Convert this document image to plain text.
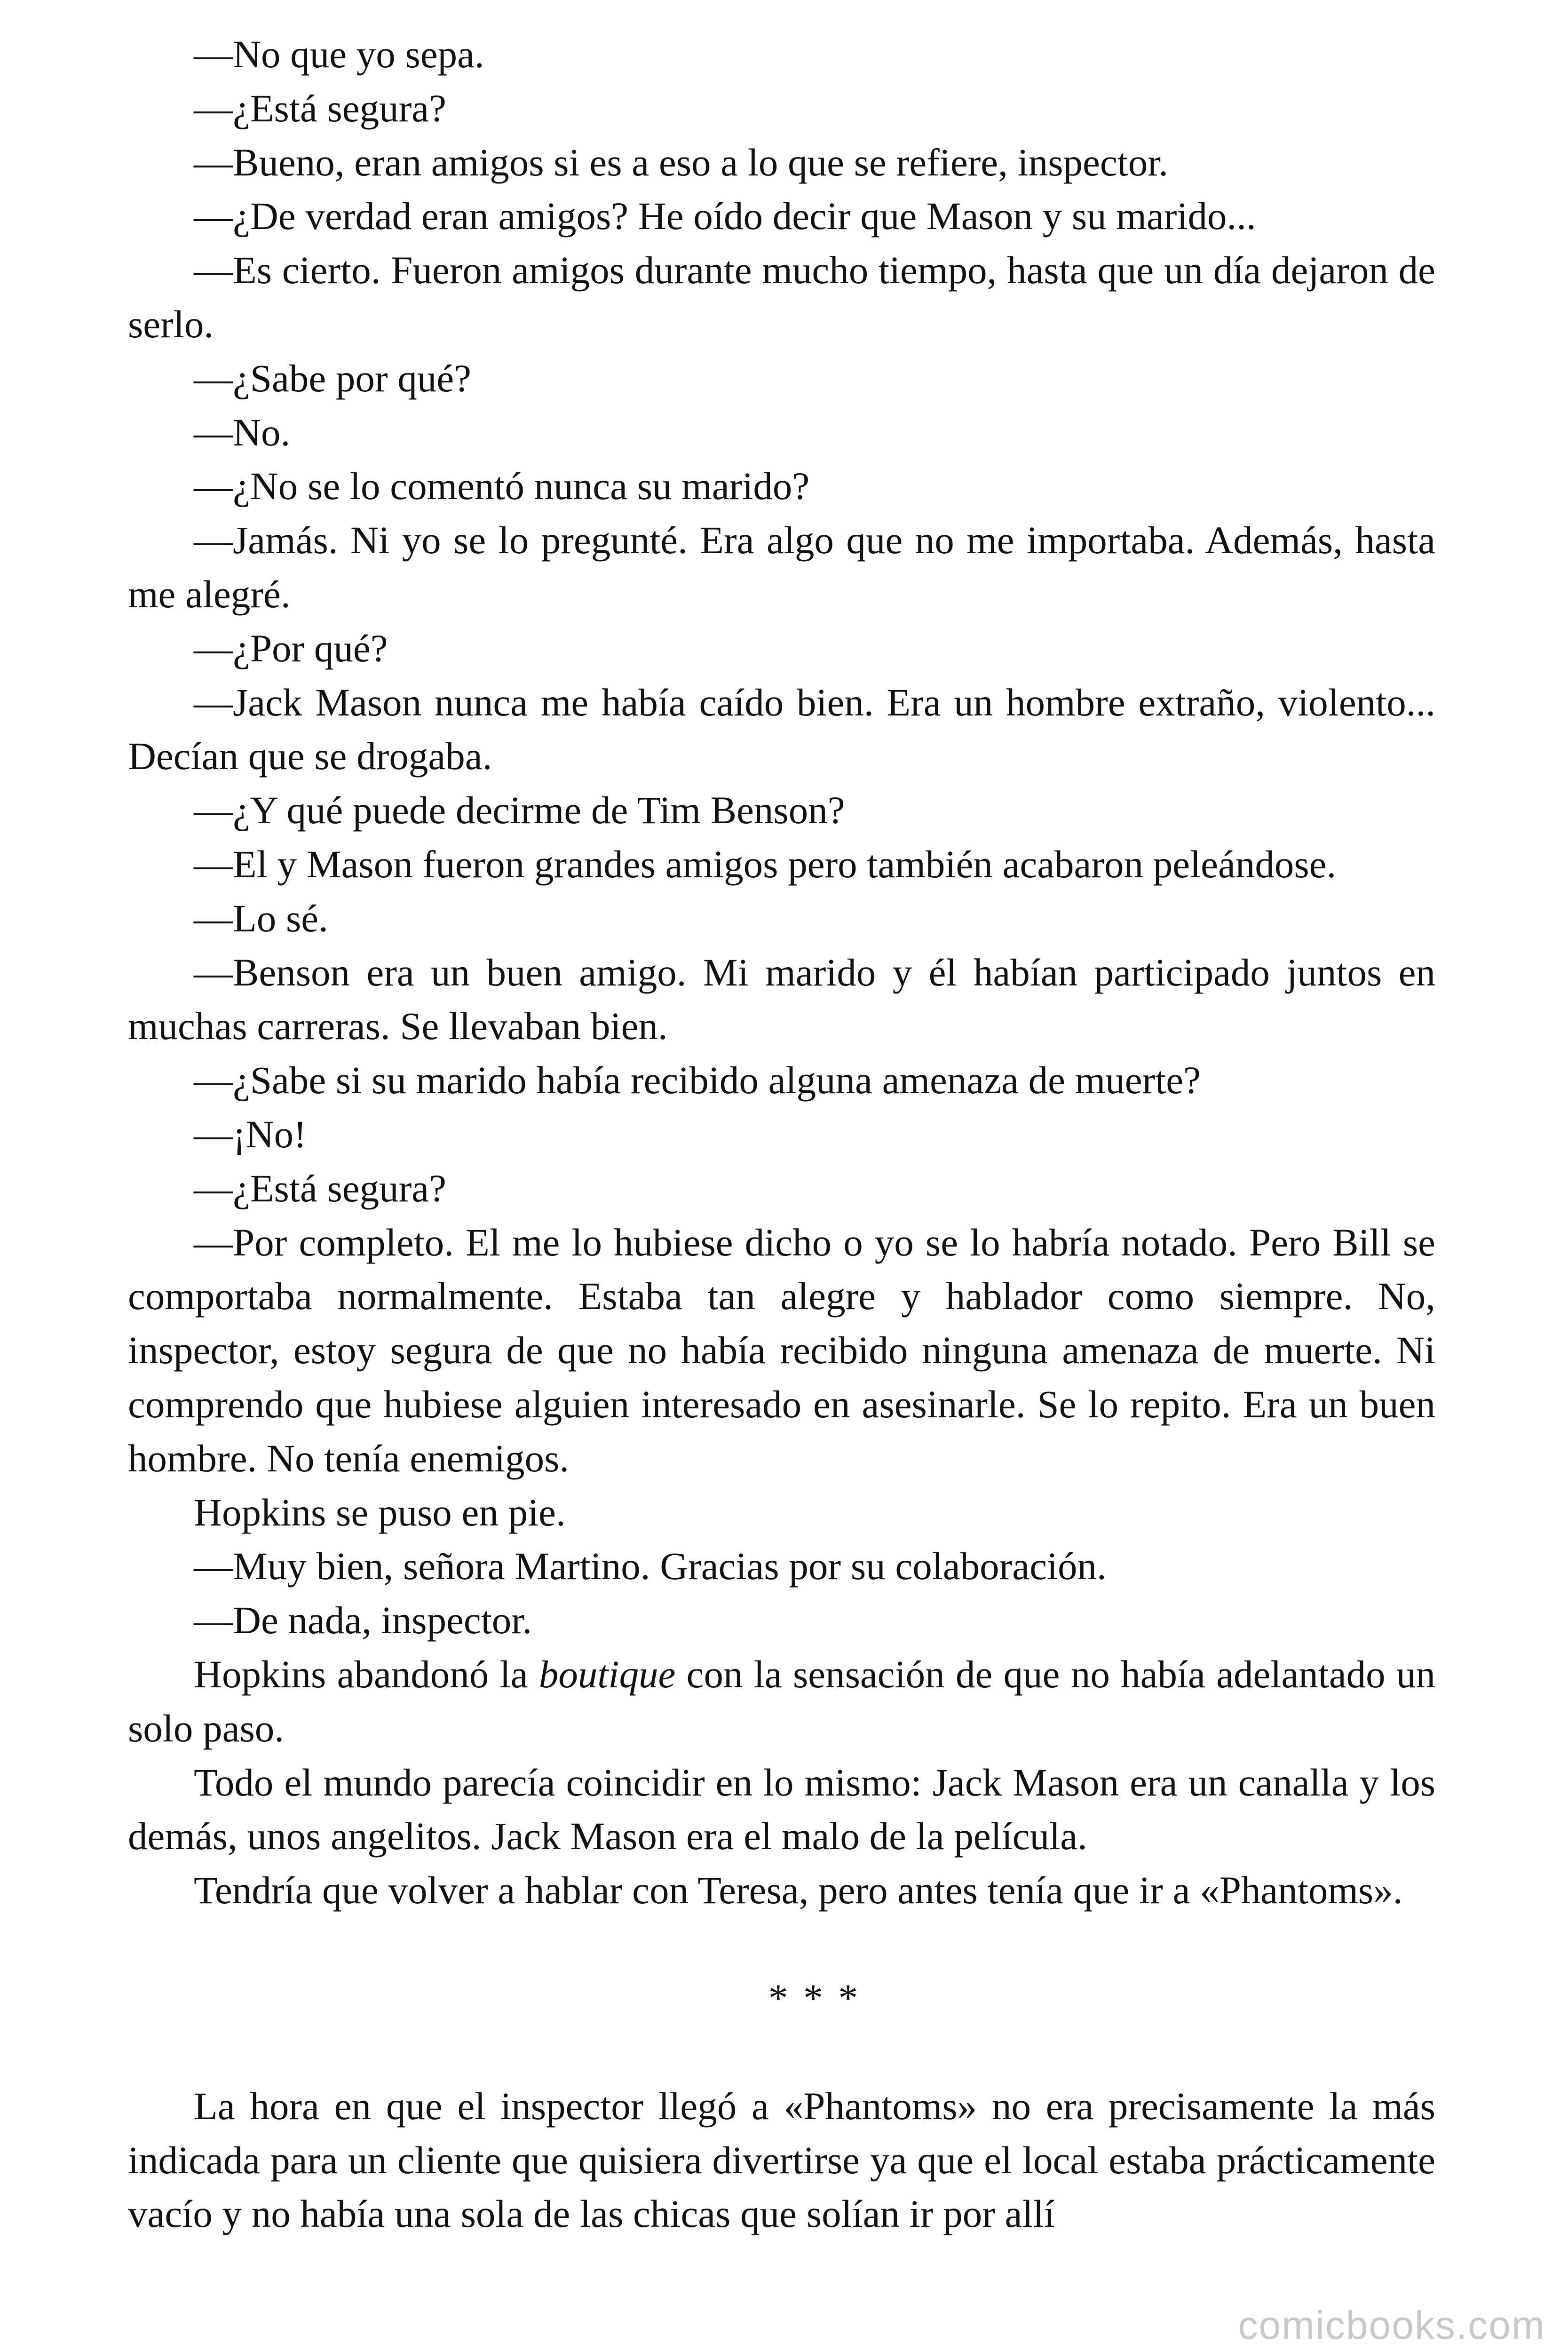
—No que yo sepa.

—¿Está segura?

—Bueno, eran amigos si es a eso a lo que se refiere, inspector.

—¿De verdad eran amigos? He oído decir que Mason y su marido...

—Es cierto. Fueron amigos durante mucho tiempo, hasta que un día dejaron de serlo.

—¿Sabe por qué?

—No.

—¿No se lo comentó nunca su marido?

—Jamás. Ni yo se lo pregunté. Era algo que no me importaba. Además, hasta me alegré.

—¿Por qué?

—Jack Mason nunca me había caído bien. Era un hombre extraño, violento... Decían que se drogaba.

—¿Y qué puede decirme de Tim Benson?

—El y Mason fueron grandes amigos pero también acabaron peleándose.

—Lo sé.

—Benson era un buen amigo. Mi marido y él habían participado juntos en muchas carreras. Se llevaban bien.

—¿Sabe si su marido había recibido alguna amenaza de muerte?

—¡No!

—¿Está segura?

—Por completo. El me lo hubiese dicho o yo se lo habría notado. Pero Bill se comportaba normalmente. Estaba tan alegre y hablador como siempre. No, inspector, estoy segura de que no había recibido ninguna amenaza de muerte. Ni comprendo que hubiese alguien interesado en asesinarle. Se lo repito. Era un buen hombre. No tenía enemigos.

Hopkins se puso en pie.

—Muy bien, señora Martino. Gracias por su colaboración.

—De nada, inspector.

Hopkins abandonó la boutique con la sensación de que no había adelantado un solo paso.

Todo el mundo parecía coincidir en lo mismo: Jack Mason era un canalla y los demás, unos angelitos. Jack Mason era el malo de la película.

Tendría que volver a hablar con Teresa, pero antes tenía que ir a «Phantoms».

* * *

La hora en que el inspector llegó a «Phantoms» no era precisamente la más indicada para un cliente que quisiera divertirse ya que el local estaba prácticamente vacío y no había una sola de las chicas que solían ir por allí

comicbooks.com
